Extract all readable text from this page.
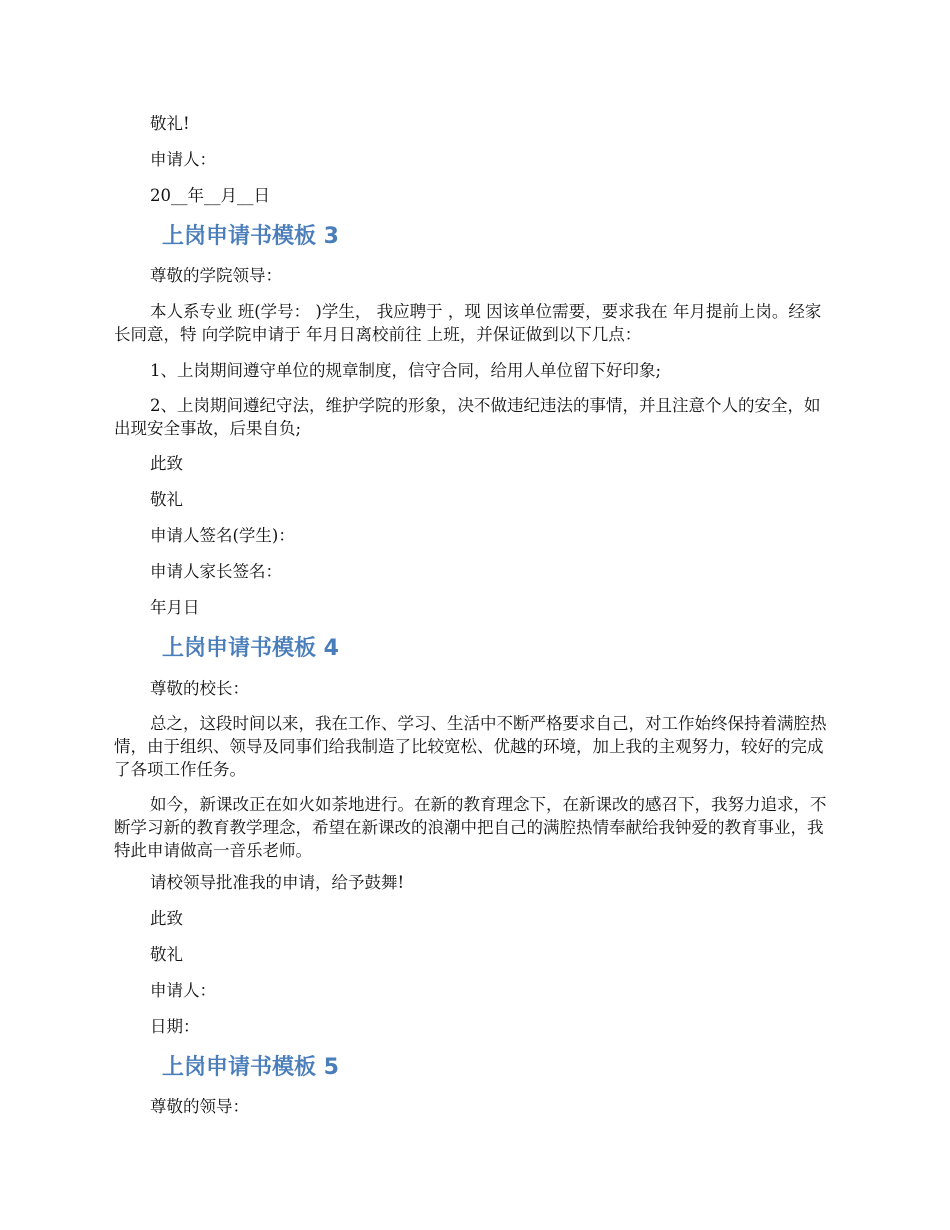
敬礼!

申请人：

20__年__月__日

上岗申请书模板 3

尊敬的学院领导：

本人系专业 班(学号： )学生， 我应聘于 ，现 因该单位需要，要求我在 年月提前上岗。经家长同意，特 向学院申请于 年月日离校前往 上班，并保证做到以下几点：

1、上岗期间遵守单位的规章制度，信守合同，给用人单位留下好印象;

2、上岗期间遵纪守法，维护学院的形象，决不做违纪违法的事情，并且注意个人的安全，如出现安全事故，后果自负;

此致

敬礼

申请人签名(学生)：

申请人家长签名：

年月日

上岗申请书模板 4

尊敬的校长：

总之，这段时间以来，我在工作、学习、生活中不断严格要求自己，对工作始终保持着满腔热情，由于组织、领导及同事们给我制造了比较宽松、优越的环境，加上我的主观努力，较好的完成了各项工作任务。

如今，新课改正在如火如荼地进行。在新的教育理念下，在新课改的感召下，我努力追求，不断学习新的教育教学理念，希望在新课改的浪潮中把自己的满腔热情奉献给我钟爱的教育事业，我特此申请做高一音乐老师。

请校领导批准我的申请，给予鼓舞!

此致

敬礼

申请人：

日期：

上岗申请书模板 5

尊敬的领导：
